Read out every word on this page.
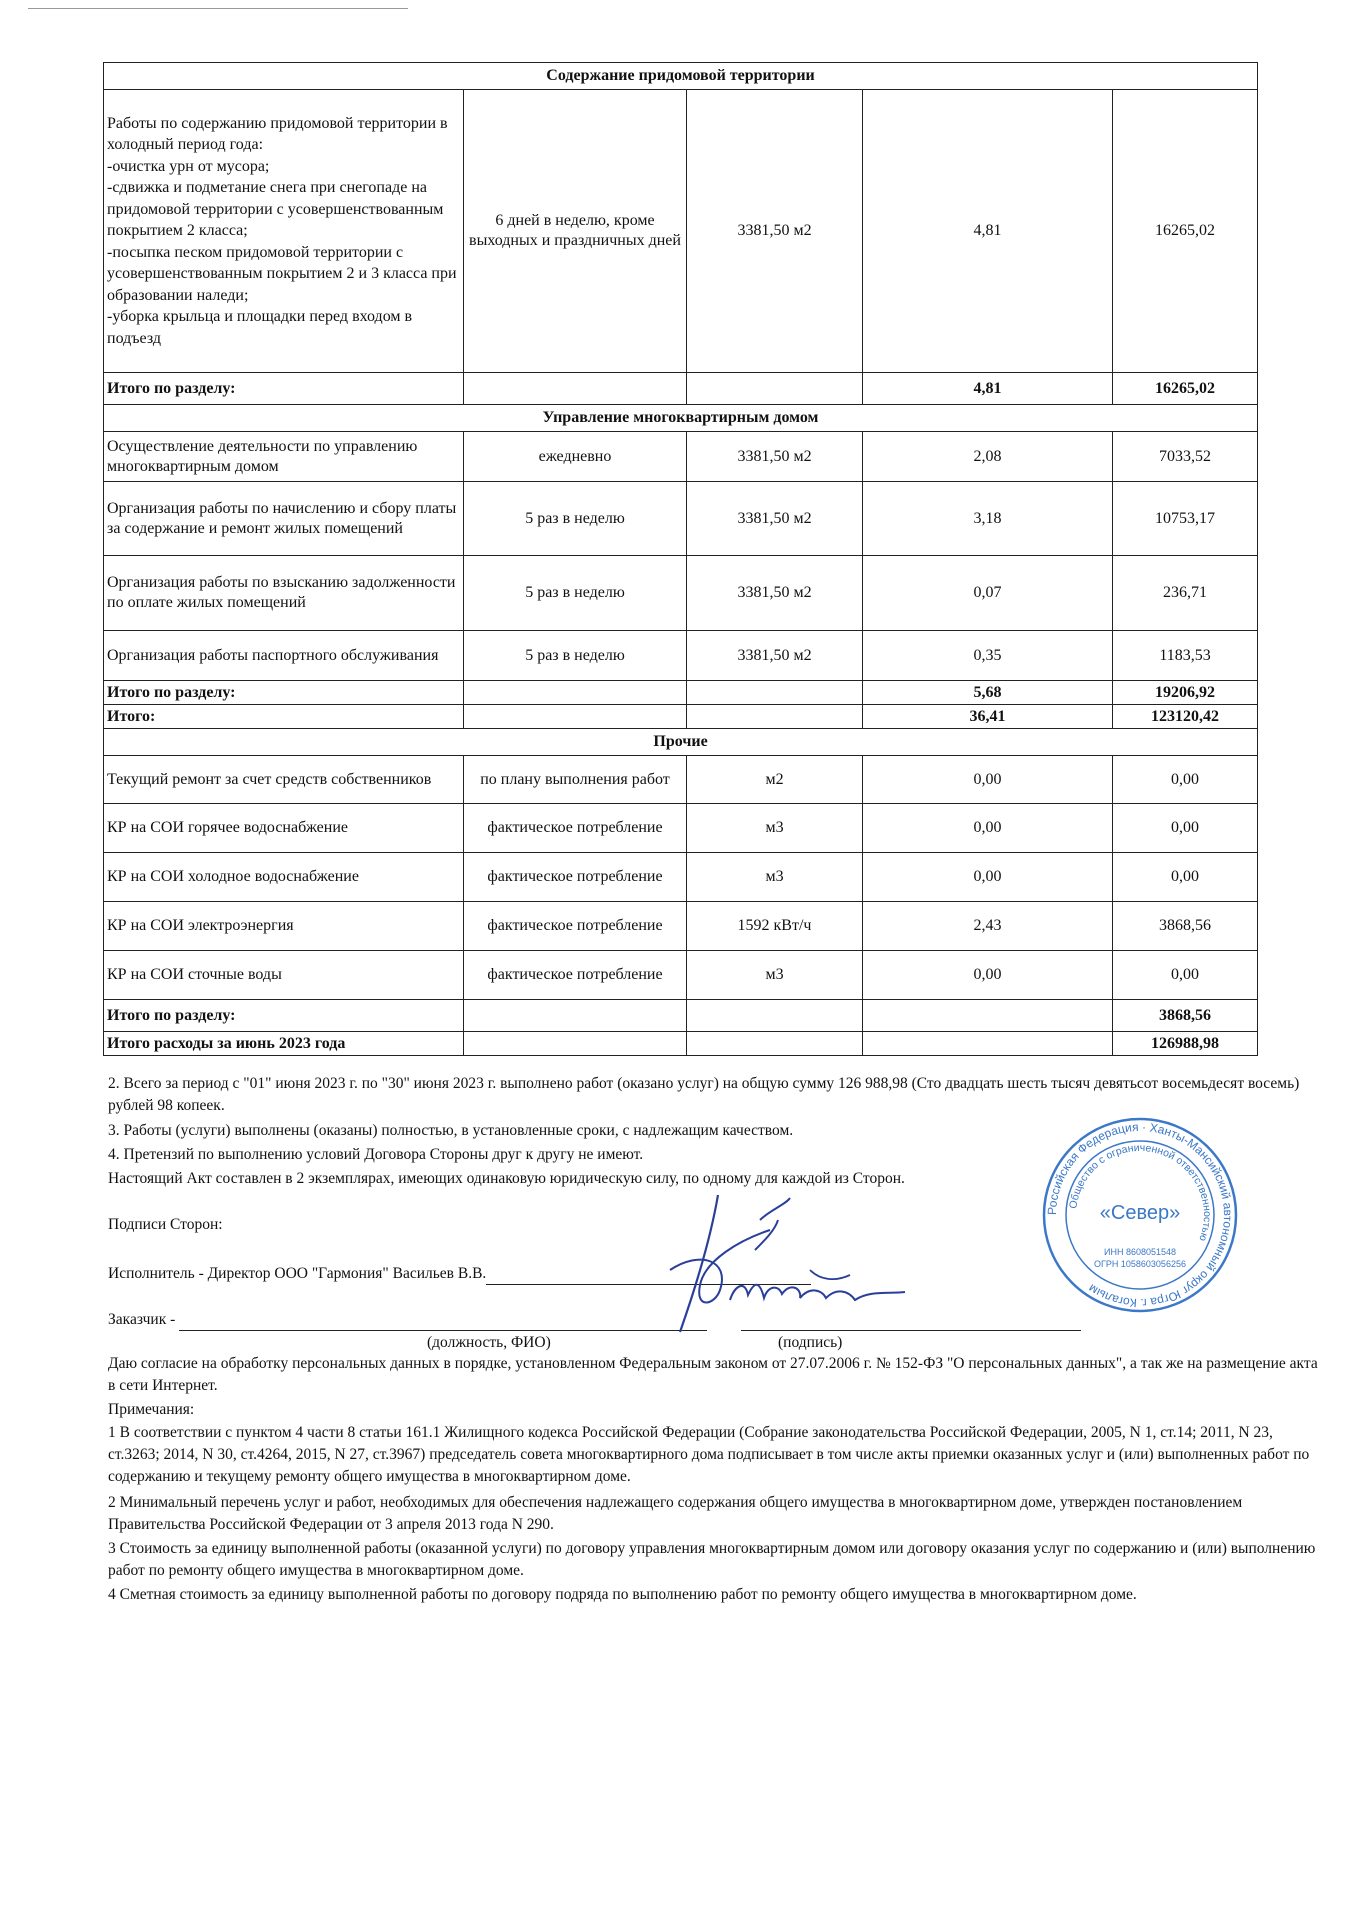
Содержание придомовой территории				
Работы по содержанию придомовой территории в холодный период года:
-очистка урн от мусора;
-сдвижка и подметание снега при снегопаде на придомовой территории с усовершенствованным покрытием 2 класса;
-посыпка песком придомовой территории с усовершенствованным покрытием 2 и 3 класса при образовании наледи;
-уборка крыльца и площадки перед входом в подъезд	6 дней в неделю, кроме выходных и праздничных дней	3381,50 м2	4,81	16265,02
Итого по разделу:			4,81	16265,02
Управление многоквартирным домом				
Осуществление деятельности по управлению многоквартирным домом	ежедневно	3381,50 м2	2,08	7033,52
Организация работы по начислению и сбору платы за содержание и ремонт жилых помещений	5 раз в неделю	3381,50 м2	3,18	10753,17
Организация работы по взысканию задолженности по оплате жилых помещений	5 раз в неделю	3381,50 м2	0,07	236,71
Организация работы паспортного обслуживания	5 раз в неделю	3381,50 м2	0,35	1183,53
Итого по разделу:			5,68	19206,92
Итого:			36,41	123120,42
Прочие				
Текущий ремонт за счет средств собственников	по плану выполнения работ	м2	0,00	0,00
КР на СОИ горячее водоснабжение	фактическое потребление	м3	0,00	0,00
КР на СОИ холодное водоснабжение	фактическое потребление	м3	0,00	0,00
КР на СОИ электроэнергия	фактическое потребление	1592 кВт/ч	2,43	3868,56
КР на СОИ сточные воды	фактическое потребление	м3	0,00	0,00
Итого по разделу:				3868,56
Итого расходы за июнь 2023 года				126988,98
2. Всего за период с "01" июня 2023 г. по "30" июня 2023 г. выполнено работ (оказано услуг) на общую сумму 126 988,98 (Сто двадцать шесть тысяч девятьсот восемьдесят восемь) рублей 98 копеек.
3. Работы (услуги) выполнены (оказаны) полностью, в установленные сроки, с надлежащим качеством.
4. Претензий по выполнению условий Договора Стороны друг к другу не имеют.
Настоящий Акт составлен в 2 экземплярах, имеющих одинаковую юридическую силу, по одному для каждой из Сторон.
Подписи Сторон:
Исполнитель - Директор ООО "Гармония" Васильев В.В.
Заказчик -
(должность, ФИО)	(подпись)
Российская Федерация · Ханты-Мансийский автономный округ Югра г. Когалым
Общество с ограниченной ответственностью
«Север»
ИНН 8608051548
ОГРН 1058603056256
Даю согласие на обработку персональных данных в порядке, установленном Федеральным законом от 27.07.2006 г. № 152-ФЗ "О персональных данных", а так же на размещение акта в сети Интернет.
Примечания:
1 В соответствии с пунктом 4 части 8 статьи 161.1 Жилищного кодекса Российской Федерации (Собрание законодательства Российской Федерации, 2005, N 1, ст.14; 2011, N 23, ст.3263; 2014, N 30, ст.4264, 2015, N 27, ст.3967) председатель совета многоквартирного дома подписывает в том числе акты приемки оказанных услуг и (или) выполненных работ по содержанию и текущему ремонту общего имущества в многоквартирном доме.
2 Минимальный перечень услуг и работ, необходимых для обеспечения надлежащего содержания общего имущества в многоквартирном доме, утвержден постановлением Правительства Российской Федерации от 3 апреля 2013 года N 290.
3 Стоимость за единицу выполненной работы (оказанной услуги) по договору управления многоквартирным домом или договору оказания услуг по содержанию и (или) выполнению работ по ремонту общего имущества в многоквартирном доме.
4 Сметная стоимость за единицу выполненной работы по договору подряда по выполнению работ по ремонту общего имущества в многоквартирном доме.
